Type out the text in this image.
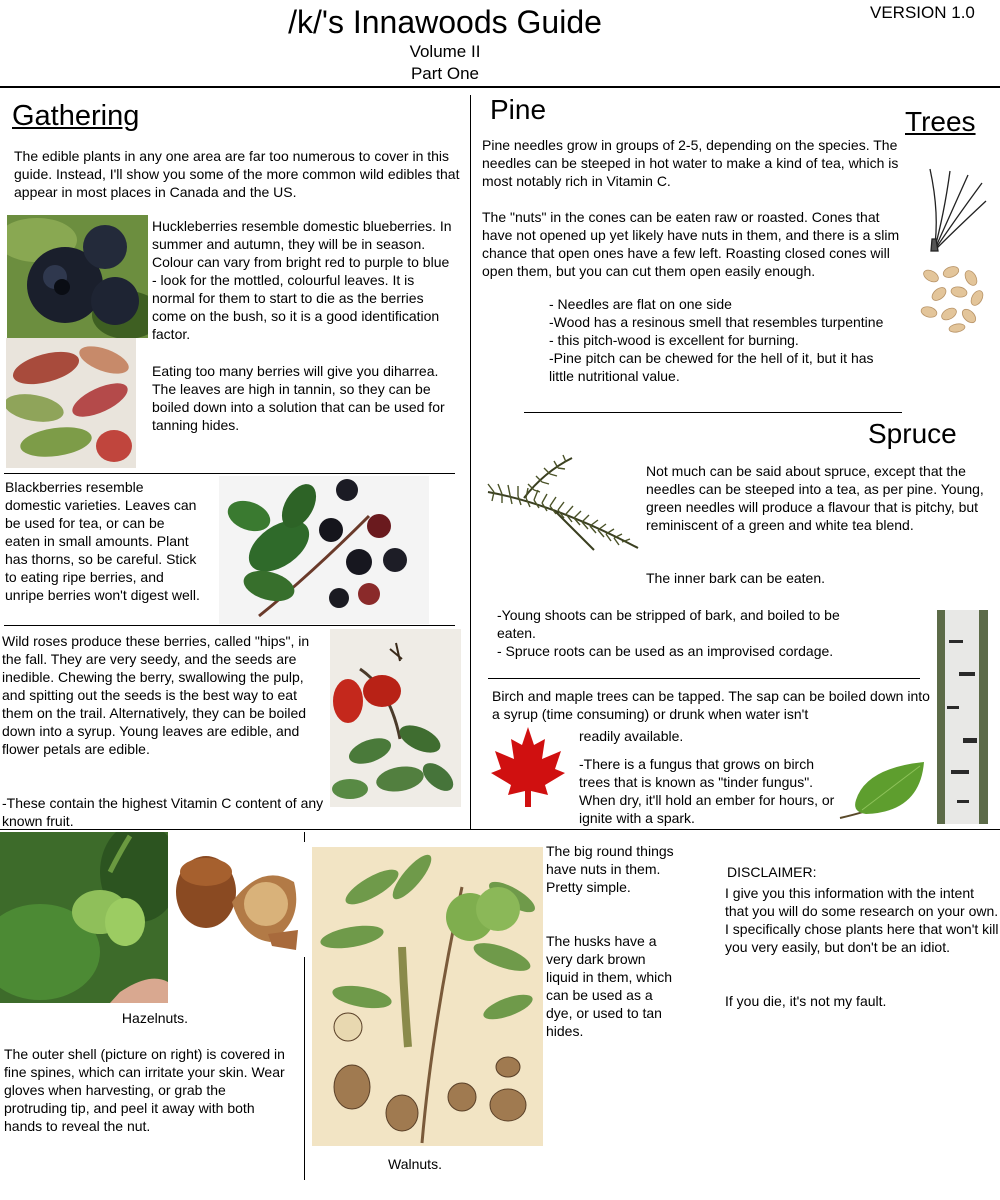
/k/'s Innawoods Guide
Volume II
Part One
VERSION 1.0
Gathering
The edible plants in any one area are far too numerous to cover in this guide. Instead, I'll show you some of the more common wild edibles that appear in most places in Canada and the US.
Huckleberries resemble domestic blueberries. In summer and autumn, they will be in season. Colour can vary from bright red to purple to blue - look for the mottled, colourful leaves. It is normal for them to start to die as the berries come on the bush, so it is a good identification factor.
Eating too many berries will give you diharrea. The leaves are high in tannin, so they can be boiled down into a solution that can be used for tanning hides.
Blackberries resemble domestic varieties. Leaves can be used for tea, or can be eaten in small amounts. Plant has thorns, so be careful. Stick to eating ripe berries, and unripe berries won't digest well.
Wild roses produce these berries, called "hips", in the fall. They are very seedy, and the seeds are inedible. Chewing the berry, swallowing the pulp, and spitting out the seeds is the best way to eat them on the trail. Alternatively, they can be boiled down into a syrup. Young leaves are edible, and flower petals are edible.
-These contain the highest Vitamin C content of any known fruit.
Pine	Trees
Pine needles grow in groups of 2-5, depending on the species. The needles can be steeped in hot water to make a kind of tea, which is most notably rich in Vitamin C.
The "nuts" in the cones can be eaten raw or roasted. Cones that have not opened up yet likely have nuts in them, and there is a slim chance that open ones have a few left. Roasting closed cones will open them, but you can cut them open easily enough.
- Needles are flat on one side
-Wood has a resinous smell that resembles turpentine - this pitch-wood is excellent for burning.
-Pine pitch can be chewed for the hell of it, but it has little nutritional value.
Spruce
Not much can be said about spruce, except that the needles can be steeped into a tea, as per pine. Young, green needles will produce a flavour that is pitchy, but reminiscent of a green and white tea blend.
The inner bark can be eaten.
-Young shoots can be stripped of bark, and boiled to be eaten.
- Spruce roots can be used as an improvised cordage.
Birch and maple trees can be tapped. The sap can be boiled down into a syrup (time consuming) or drunk when water isn't
readily available.
-There is a fungus that grows on birch trees that is known as "tinder fungus". When dry, it'll hold an ember for hours, or ignite with a spark.
Hazelnuts.
The outer shell (picture on right) is covered in fine spines, which can irritate your skin. Wear gloves when harvesting, or grab the protruding tip, and peel it away with both hands to reveal the nut.
Walnuts.
The big round things have nuts in them. Pretty simple.
The husks have a very dark brown liquid in them, which can be used as a dye, or used to tan hides.
DISCLAIMER:
I give you this information with the intent that you will do some research on your own. I specifically chose plants here that won't kill you very easily, but don't be an idiot.
If you die, it's not my fault.
